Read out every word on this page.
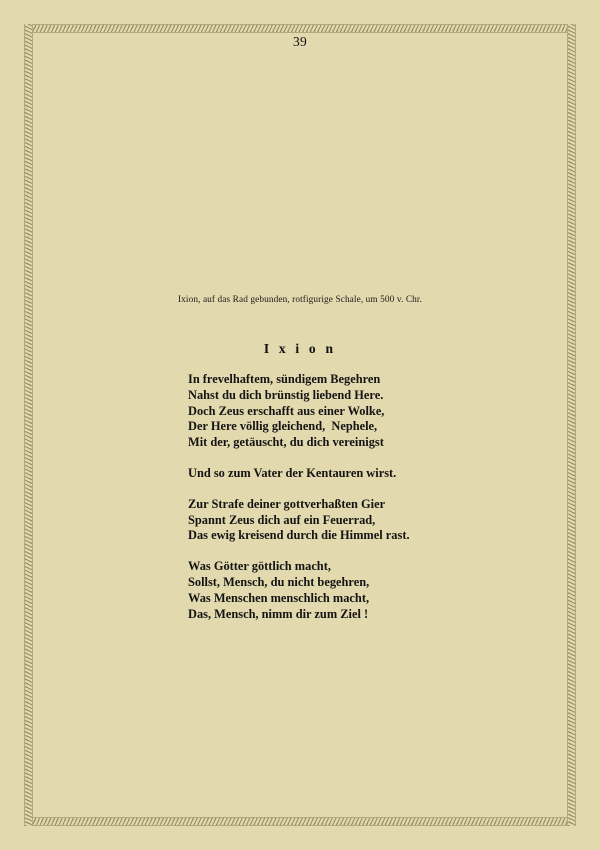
39
Ixion, auf das Rad gebunden, rotfigurige Schale, um 500 v. Chr.
I x i o n

In frevelhaftem, sündigem Begehren
Nahst du dich brünstig liebend Here.
Doch Zeus erschafft aus einer Wolke,
Der Here völlig gleichend,  Nephele,
Mit der, getäuscht, du dich vereinigst

Und so zum Vater der Kentauren wirst.

Zur Strafe deiner gottverhaßten Gier
Spannt Zeus dich auf ein Feuerrad,
Das ewig kreisend durch die Himmel rast.

Was Götter göttlich macht,
Sollst, Mensch, du nicht begehren,
Was Menschen menschlich macht,
Das, Mensch, nimm dir zum Ziel !
